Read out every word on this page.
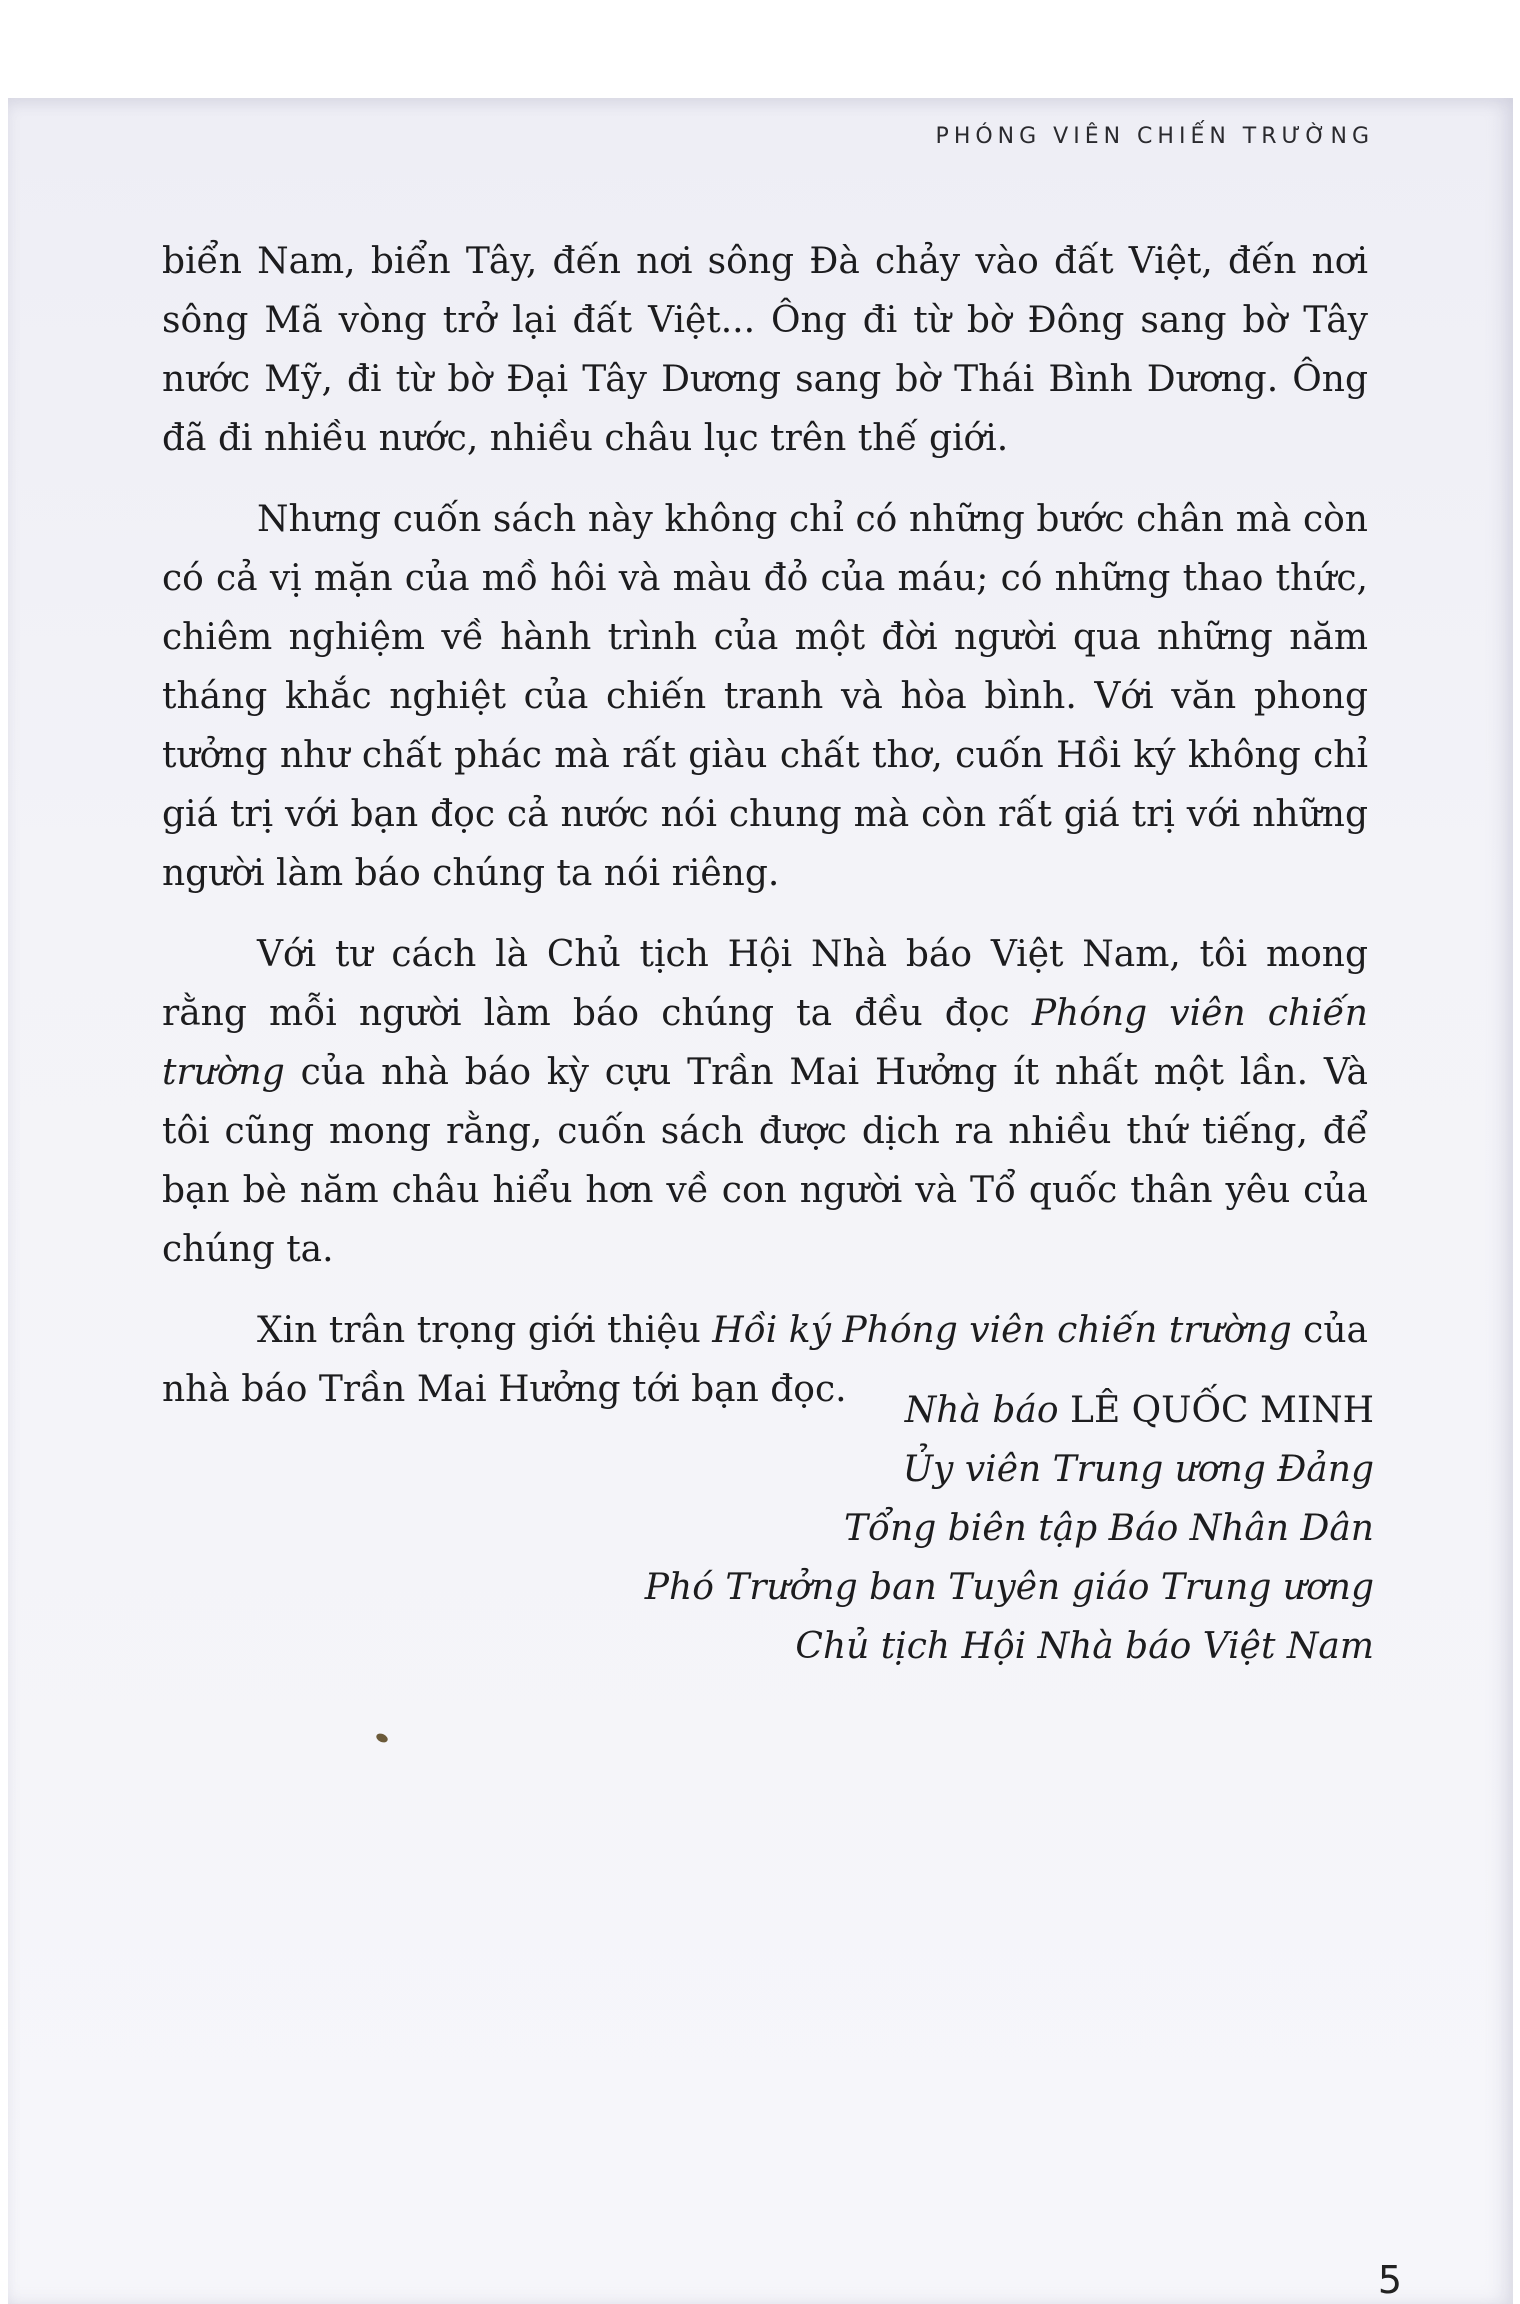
PHÓNG VIÊN CHIẾN TRƯỜNG

biển Nam, biển Tây, đến nơi sông Đà chảy vào đất Việt, đến nơi sông Mã vòng trở lại đất Việt... Ông đi từ bờ Đông sang bờ Tây nước Mỹ, đi từ bờ Đại Tây Dương sang bờ Thái Bình Dương. Ông đã đi nhiều nước, nhiều châu lục trên thế giới.

Nhưng cuốn sách này không chỉ có những bước chân mà còn có cả vị mặn của mồ hôi và màu đỏ của máu; có những thao thức, chiêm nghiệm về hành trình của một đời người qua những năm tháng khắc nghiệt của chiến tranh và hòa bình. Với văn phong tưởng như chất phác mà rất giàu chất thơ, cuốn Hồi ký không chỉ giá trị với bạn đọc cả nước nói chung mà còn rất giá trị với những người làm báo chúng ta nói riêng.

Với tư cách là Chủ tịch Hội Nhà báo Việt Nam, tôi mong rằng mỗi người làm báo chúng ta đều đọc Phóng viên chiến trường của nhà báo kỳ cựu Trần Mai Hưởng ít nhất một lần. Và tôi cũng mong rằng, cuốn sách được dịch ra nhiều thứ tiếng, để bạn bè năm châu hiểu hơn về con người và Tổ quốc thân yêu của chúng ta.

Xin trân trọng giới thiệu Hồi ký Phóng viên chiến trường của nhà báo Trần Mai Hưởng tới bạn đọc.

Nhà báo LÊ QUỐC MINH
Ủy viên Trung ương Đảng
Tổng biên tập Báo Nhân Dân
Phó Trưởng ban Tuyên giáo Trung ương
Chủ tịch Hội Nhà báo Việt Nam
5
